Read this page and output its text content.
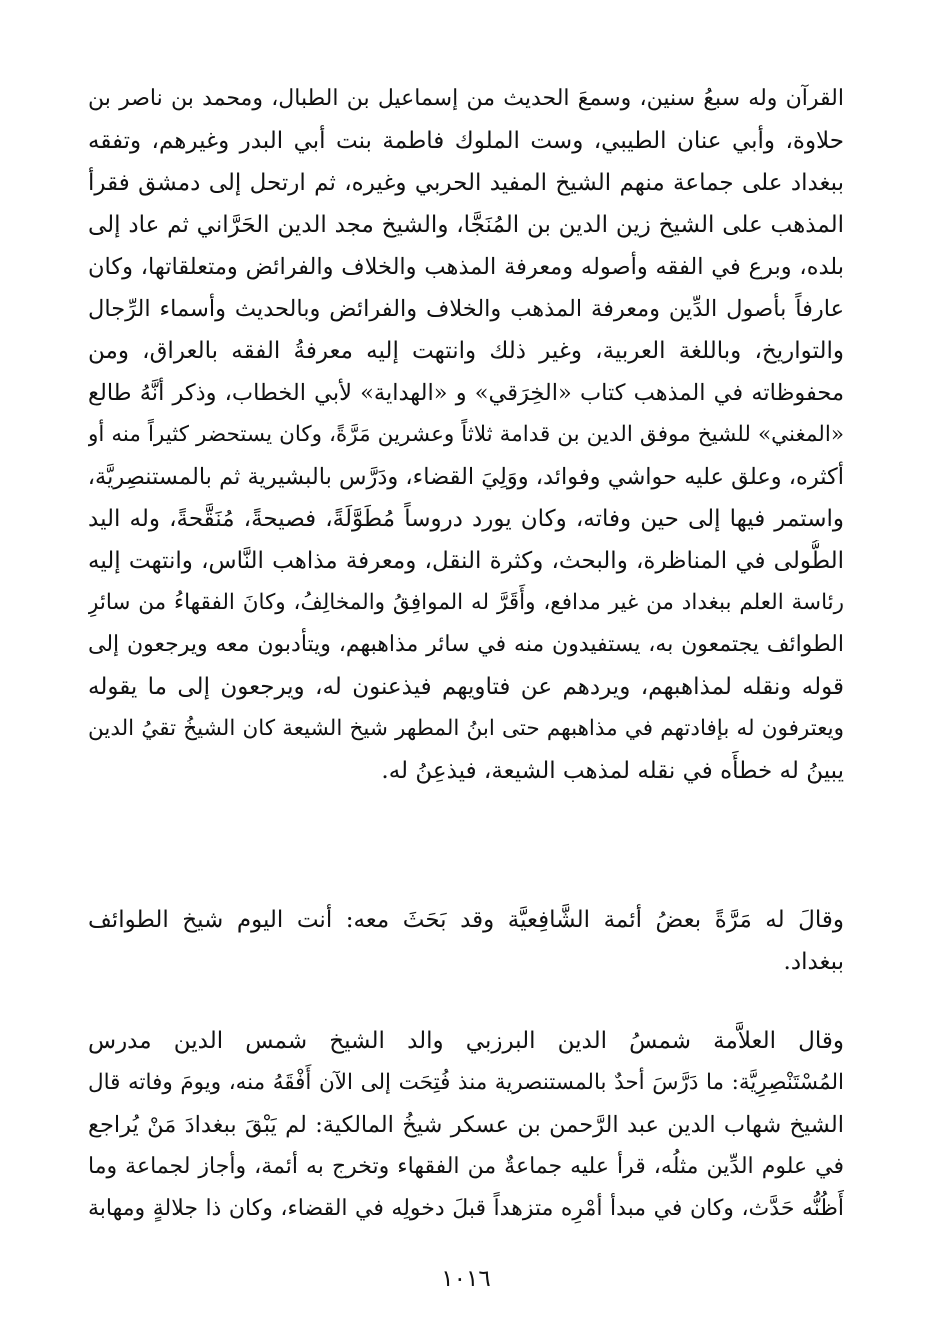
القرآن وله سبعُ سنين، وسمعَ الحديث من إسماعيل بن الطبال، ومحمد بن ناصر بن
حلاوة، وأبي عنان الطيبي، وست الملوك فاطمة بنت أبي البدر وغيرهم، وتفقه
ببغداد على جماعة منهم الشيخ المفيد الحربي وغيره، ثم ارتحل إلى دمشق فقرأ
المذهب على الشيخ زين الدين بن المُنَجَّا، والشيخ مجد الدين الحَرَّاني ثم عاد إلى
بلده، وبرع في الفقه وأصوله ومعرفة المذهب والخلاف والفرائض ومتعلقاتها، وكان
عارفاً بأصول الدِّين ومعرفة المذهب والخلاف والفرائض وبالحديث وأسماء الرِّجال
والتواريخ، وباللغة العربية، وغير ذلك وانتهت إليه معرفةُ الفقه بالعراق، ومن
محفوظاته في المذهب كتاب «الخِرَقي» و «الهداية» لأبي الخطاب، وذكر أنَّهُ طالع
«المغني» للشيخ موفق الدين بن قدامة ثلاثاً وعشرين مَرَّةً، وكان يستحضر كثيراً منه أو
أكثره، وعلق عليه حواشي وفوائد، ووَلِيَ القضاء، ودَرَّس بالبشيرية ثم بالمستنصِريَّة،
واستمر فيها إلى حين وفاته، وكان يورد دروساً مُطَوَّلَةً، فصيحةً، مُنَقَّحةً، وله اليد
الطُّولى في المناظرة، والبحث، وكثرة النقل، ومعرفة مذاهب النَّاس، وانتهت إليه
رئاسة العلم ببغداد من غير مدافع، وأَقَرَّ له الموافِقُ والمخالِفُ، وكانَ الفقهاءُ من سائرِ
الطوائف يجتمعون به، يستفيدون منه في سائر مذاهبهم، ويتأدبون معه ويرجعون إلى
قوله ونقله لمذاهبهم، ويردهم عن فتاويهم فيذعنون له، ويرجعون إلى ما يقوله
ويعترفون له بإفادتهم في مذاهبهم حتى ابنُ المطهر شيخ الشيعة كان الشيخُ تقيُ الدين
يبينُ له خطأَه في نقله لمذهب الشيعة، فيذعِنُ له.
وقالَ له مَرَّةً بعضُ أئمة الشَّافِعيَّة وقد بَحَثَ معه: أنت اليوم شيخ الطوائف
ببغداد.
وقال العلاَّمة شمسُ الدين البرزبي والد الشيخ شمس الدين مدرس
المُسْتَنْصِرِيَّة: ما دَرَّسَ أحدٌ بالمستنصرية منذ فُتِحَت إلى الآن أَفْقَهُ منه، ويومَ وفاته قال
الشيخ شهاب الدين عبد الرَّحمن بن عسكر شيخُ المالكية: لم يَبْقَ ببغدادَ مَنْ يُراجع
في علوم الدِّين مثلُه، قرأ عليه جماعةٌ من الفقهاء وتخرج به أئمة، وأجاز لجماعة وما
أَظُنُّه حَدَّث، وكان في مبدأ أمْرِه متزهداً قبلَ دخولِه في القضاء، وكان ذا جلالةٍ ومهابة
١٠١٦
